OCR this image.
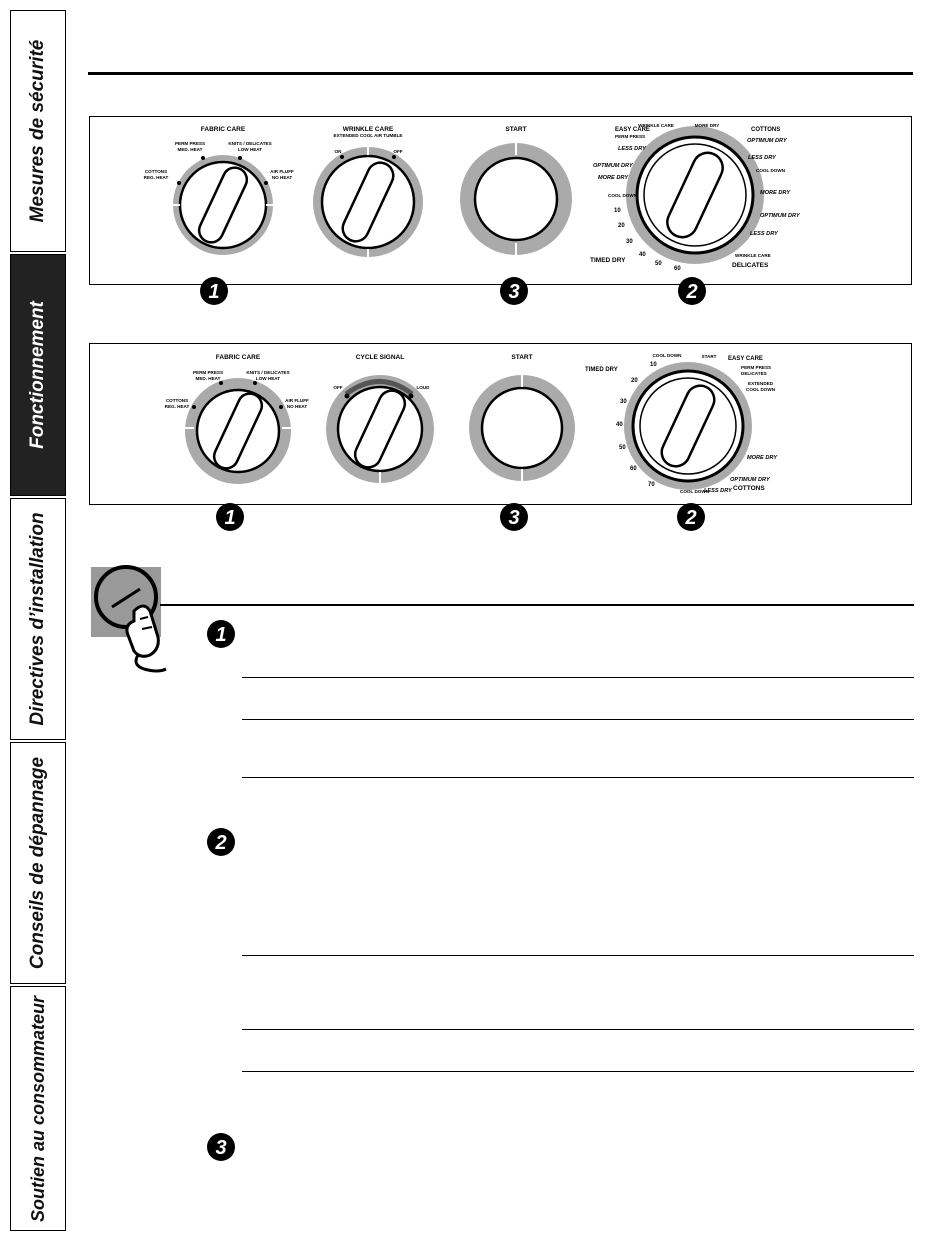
Mesures de sécurité
Fonctionnement
Directives d’installation
Conseils de dépannage
Soutien au consommateur
FABRIC CARE
PERM PRESS
MED. HEAT
KNITS / DELICATES
LOW HEAT
COTTONS
REG. HEAT
AIR FLUFF
NO HEAT
WRINKLE CARE
EXTENDED COOL AIR TUMBLE
ON	OFF
START	EASY CARE
PERM PRESS
WRINKLE CARE	MORE DRY
COTTONS
LESS DRY
OPTIMUM DRY
MORE DRY
COOL DOWN
OPTIMUM DRY
LESS DRY
COOL DOWN
MORE DRY
OPTIMUM DRY
LESS DRY
WRINKLE CARE
DELICATES
TIMED DRY
10
20
30
40
50
60
1	3	2
FABRIC CARE
PERM PRESS
MED. HEAT
KNITS / DELICATES
LOW HEAT
COTTONS
REG. HEAT
AIR FLUFF
NO HEAT
CYCLE SIGNAL
OFF	LOUD
START
TIMED DRY
COOL DOWN	START EASY CARE
PERM PRESS
DELICATES
EXTENDED
COOL DOWN
MORE DRY
OPTIMUM DRY
LESS DRY
COOL DOWN	COTTONS
10
20
30
40
50
60
70
1	3	2
1
2
3
